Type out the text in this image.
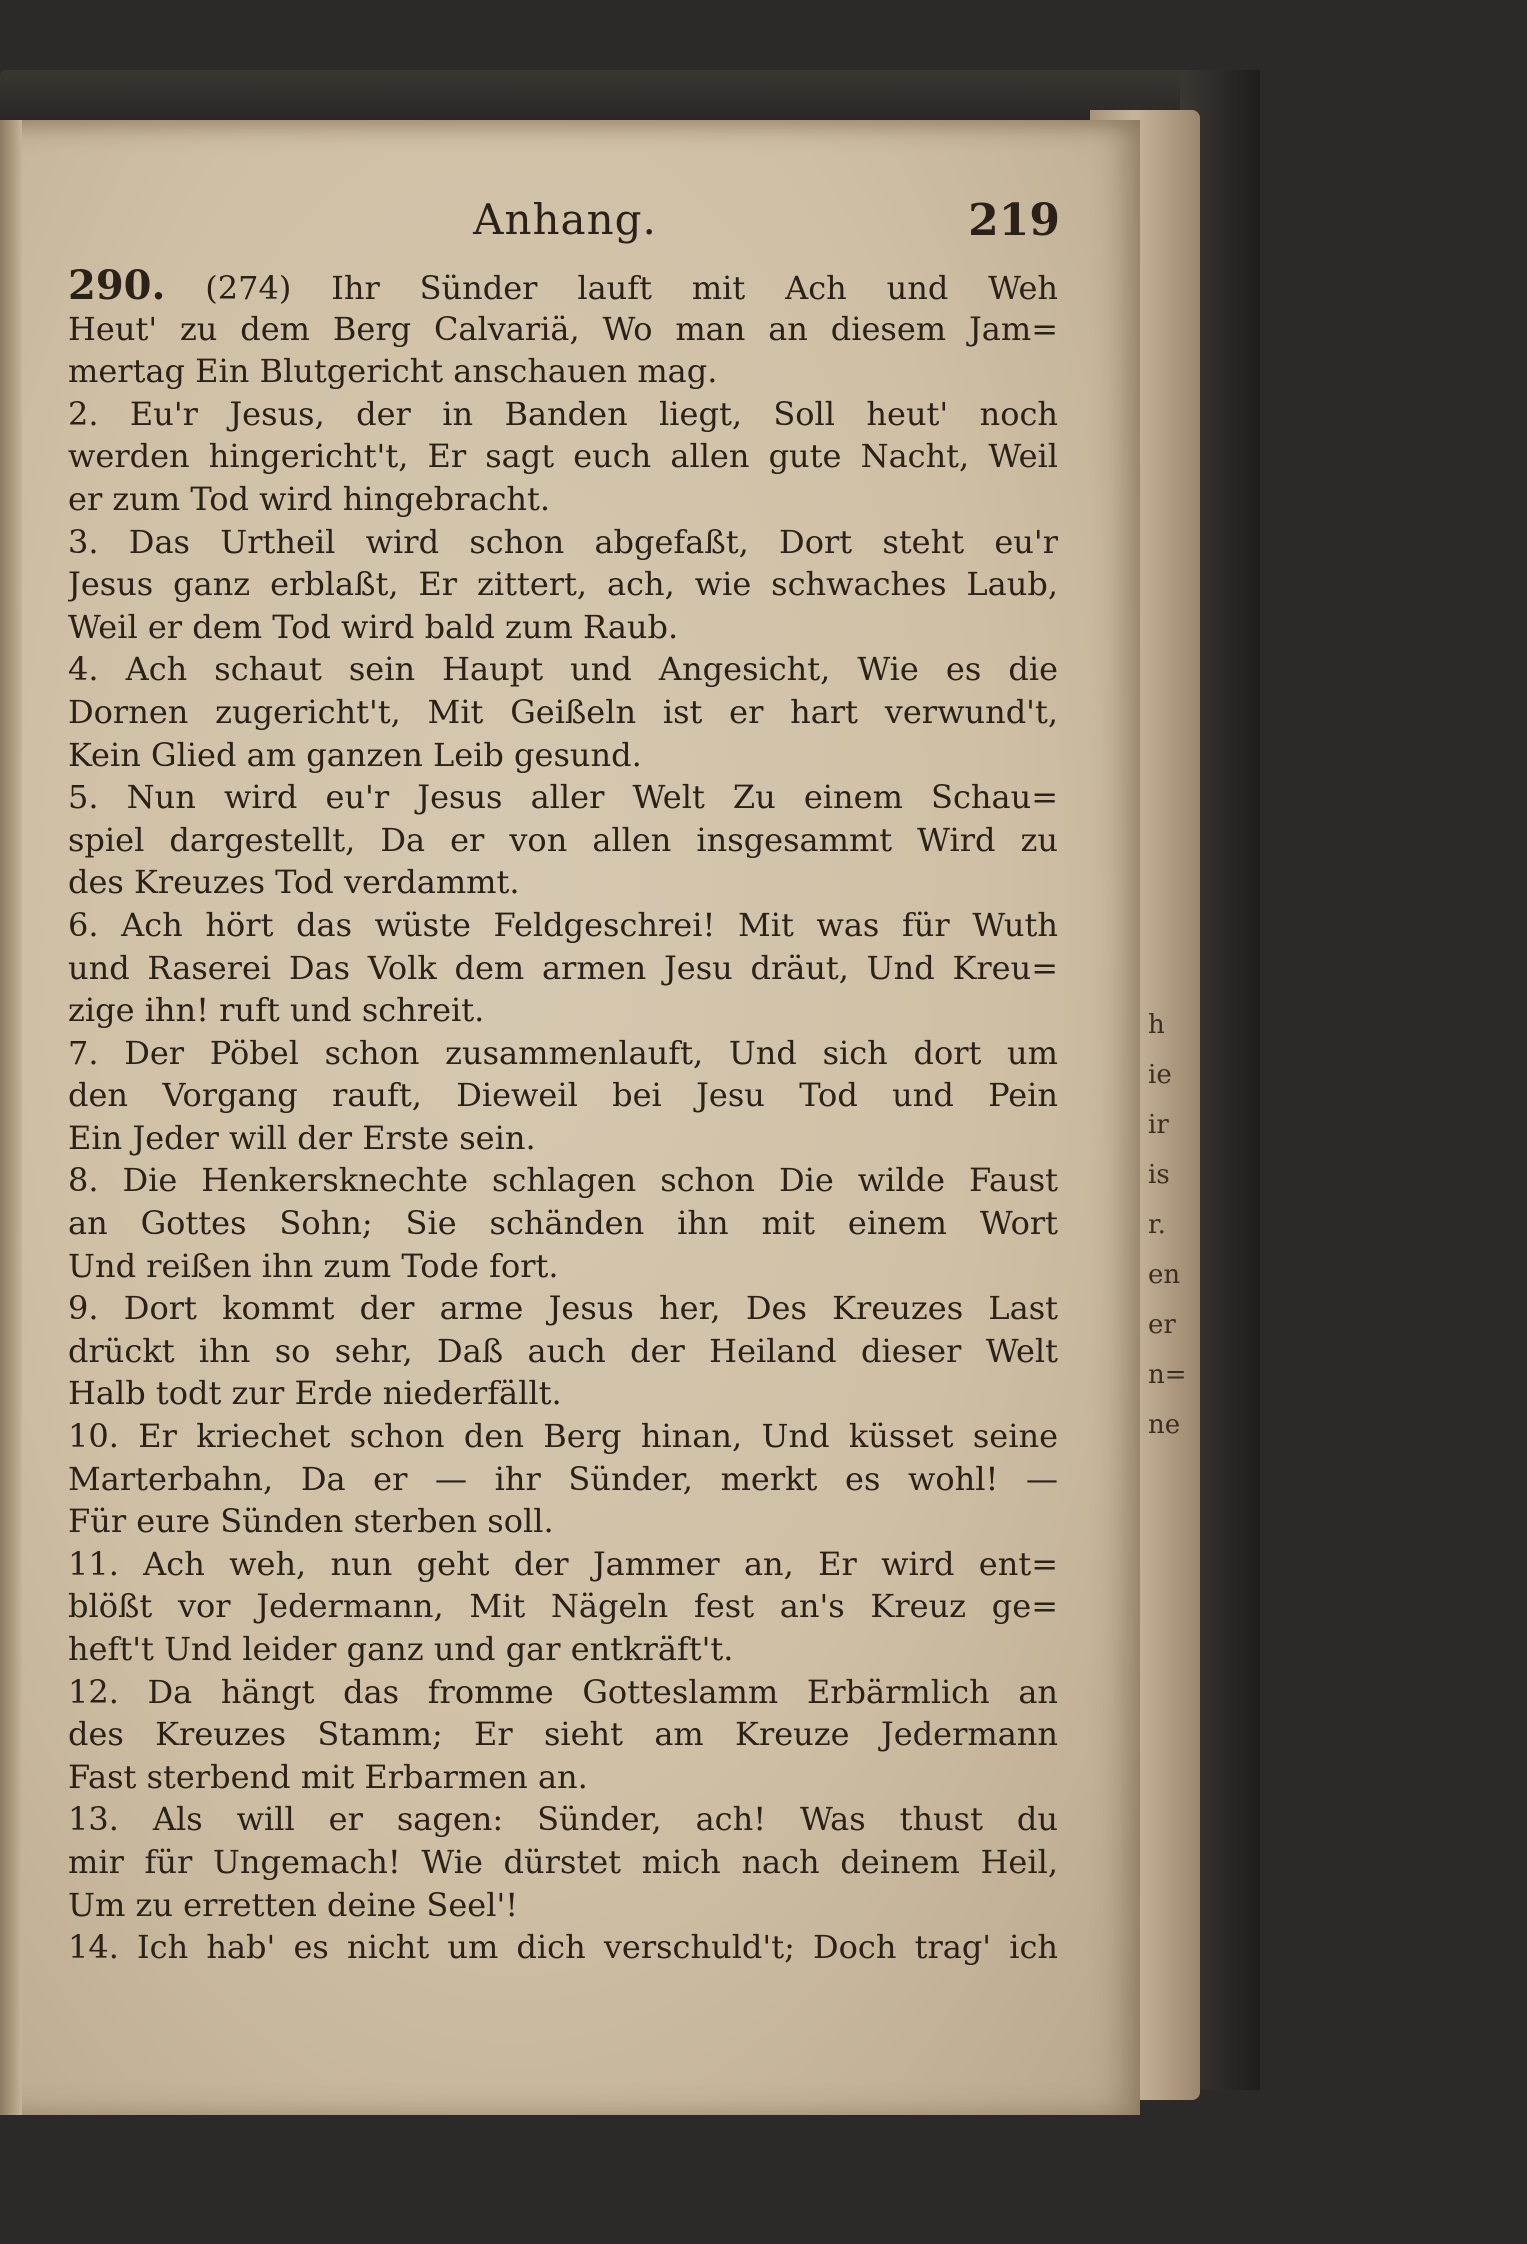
h
ie
ir
is
r.
en
er
n=
ne
Anhang.	219
290. (274) Ihr Sünder lauft mit Ach und Weh
Heut' zu dem Berg Calvariä, Wo man an diesem Jam=
mertag Ein Blutgericht anschauen mag.
2. Eu'r Jesus, der in Banden liegt, Soll heut' noch
werden hingericht't, Er sagt euch allen gute Nacht, Weil
er zum Tod wird hingebracht.
3. Das Urtheil wird schon abgefaßt, Dort steht eu'r
Jesus ganz erblaßt, Er zittert, ach, wie schwaches Laub,
Weil er dem Tod wird bald zum Raub.
4. Ach schaut sein Haupt und Angesicht, Wie es die
Dornen zugericht't, Mit Geißeln ist er hart verwund't,
Kein Glied am ganzen Leib gesund.
5. Nun wird eu'r Jesus aller Welt Zu einem Schau=
spiel dargestellt, Da er von allen insgesammt Wird zu
des Kreuzes Tod verdammt.
6. Ach hört das wüste Feldgeschrei! Mit was für Wuth
und Raserei Das Volk dem armen Jesu dräut, Und Kreu=
zige ihn! ruft und schreit.
7. Der Pöbel schon zusammenlauft, Und sich dort um
den Vorgang rauft, Dieweil bei Jesu Tod und Pein
Ein Jeder will der Erste sein.
8. Die Henkersknechte schlagen schon Die wilde Faust
an Gottes Sohn; Sie schänden ihn mit einem Wort
Und reißen ihn zum Tode fort.
9. Dort kommt der arme Jesus her, Des Kreuzes Last
drückt ihn so sehr, Daß auch der Heiland dieser Welt
Halb todt zur Erde niederfällt.
10. Er kriechet schon den Berg hinan, Und küsset seine
Marterbahn, Da er — ihr Sünder, merkt es wohl! —
Für eure Sünden sterben soll.
11. Ach weh, nun geht der Jammer an, Er wird ent=
blößt vor Jedermann, Mit Nägeln fest an's Kreuz ge=
heft't Und leider ganz und gar entkräft't.
12. Da hängt das fromme Gotteslamm Erbärmlich an
des Kreuzes Stamm; Er sieht am Kreuze Jedermann
Fast sterbend mit Erbarmen an.
13. Als will er sagen: Sünder, ach! Was thust du
mir für Ungemach! Wie dürstet mich nach deinem Heil,
Um zu erretten deine Seel'!
14. Ich hab' es nicht um dich verschuld't; Doch trag' ich
